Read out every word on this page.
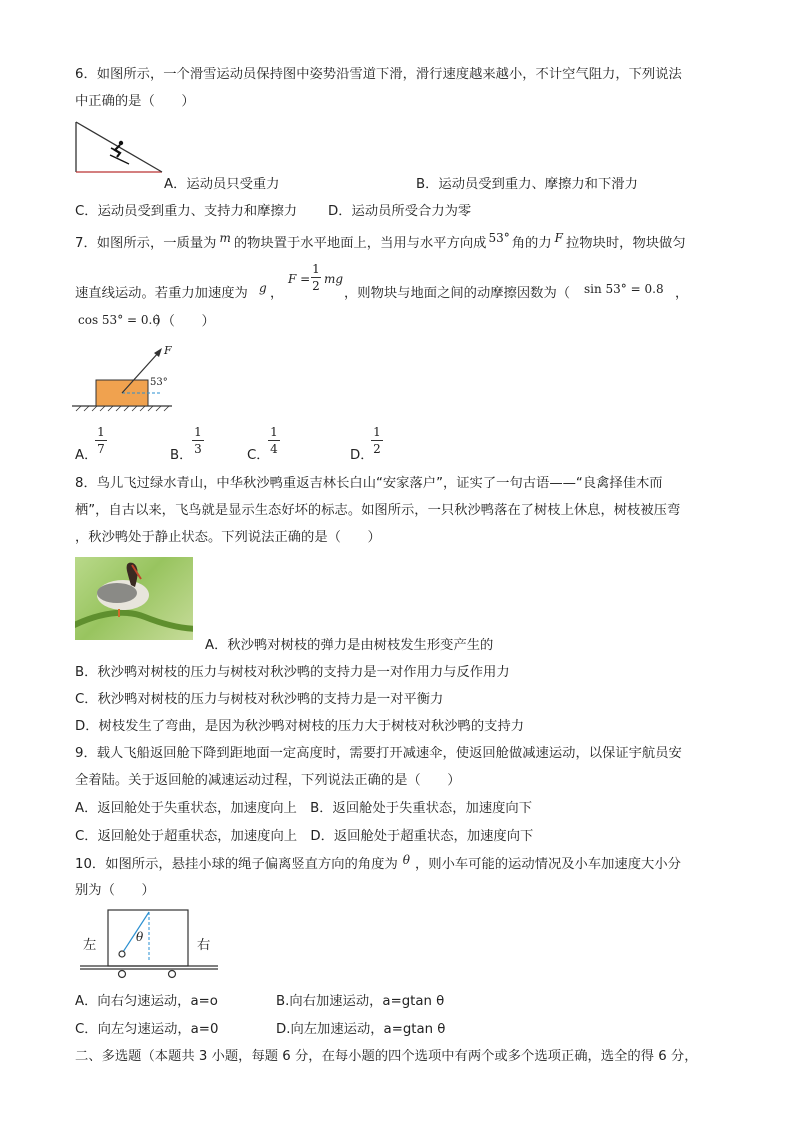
6．如图所示，一个滑雪运动员保持图中姿势沿雪道下滑，滑行速度越来越小，不计空气阻力，下列说法
中正确的是（　　）
A．运动员只受重力	B．运动员受到重力、摩擦力和下滑力
C．运动员受到重力、支持力和摩擦力 D．运动员所受合力为零
7．如图所示，一质量为 m 的物块置于水平地面上，当用与水平方向成 53° 角的力 F 拉物块时，物块做匀
速直线运动。若重力加速度为 g ，
F =
1
2 mg
，则物块与地面之间的动摩擦因数为（ sin 53° = 0.8 ，
cos 53° = 0.6
）（　　）
F
53°
A．
1
7	B．
1
3	C．
1
4	D．
1
2
8．鸟儿飞过绿水青山，中华秋沙鸭重返吉林长白山“安家落户”，证实了一句古语——“良禽择佳木而
栖”，自古以来，飞鸟就是显示生态好坏的标志。如图所示，一只秋沙鸭落在了树枝上休息，树枝被压弯
，秋沙鸭处于静止状态。下列说法正确的是（　　）
A．秋沙鸭对树枝的弹力是由树枝发生形变产生的
B．秋沙鸭对树枝的压力与树枝对秋沙鸭的支持力是一对作用力与反作用力
C．秋沙鸭对树枝的压力与树枝对秋沙鸭的支持力是一对平衡力
D．树枝发生了弯曲，是因为秋沙鸭对树枝的压力大于树枝对秋沙鸭的支持力
9．载人飞船返回舱下降到距地面一定高度时，需要打开减速伞，使返回舱做减速运动，以保证宇航员安
全着陆。关于返回舱的减速运动过程，下列说法正确的是（　　）
A．返回舱处于失重状态，加速度向上　B．返回舱处于失重状态，加速度向下
C．返回舱处于超重状态，加速度向上　D．返回舱处于超重状态，加速度向下
10．如图所示，悬挂小球的绳子偏离竖直方向的角度为 θ ，则小车可能的运动情况及小车加速度大小分
别为（　　）
左	右
θ
A．向右匀速运动，a=o	B.向右加速运动，a=gtan θ
C．向左匀速运动，a=0	D.向左加速运动，a=gtan θ
二、多选题（本题共 3 小题，每题 6 分，在每小题的四个选项中有两个或多个选项正确，选全的得 6 分，
